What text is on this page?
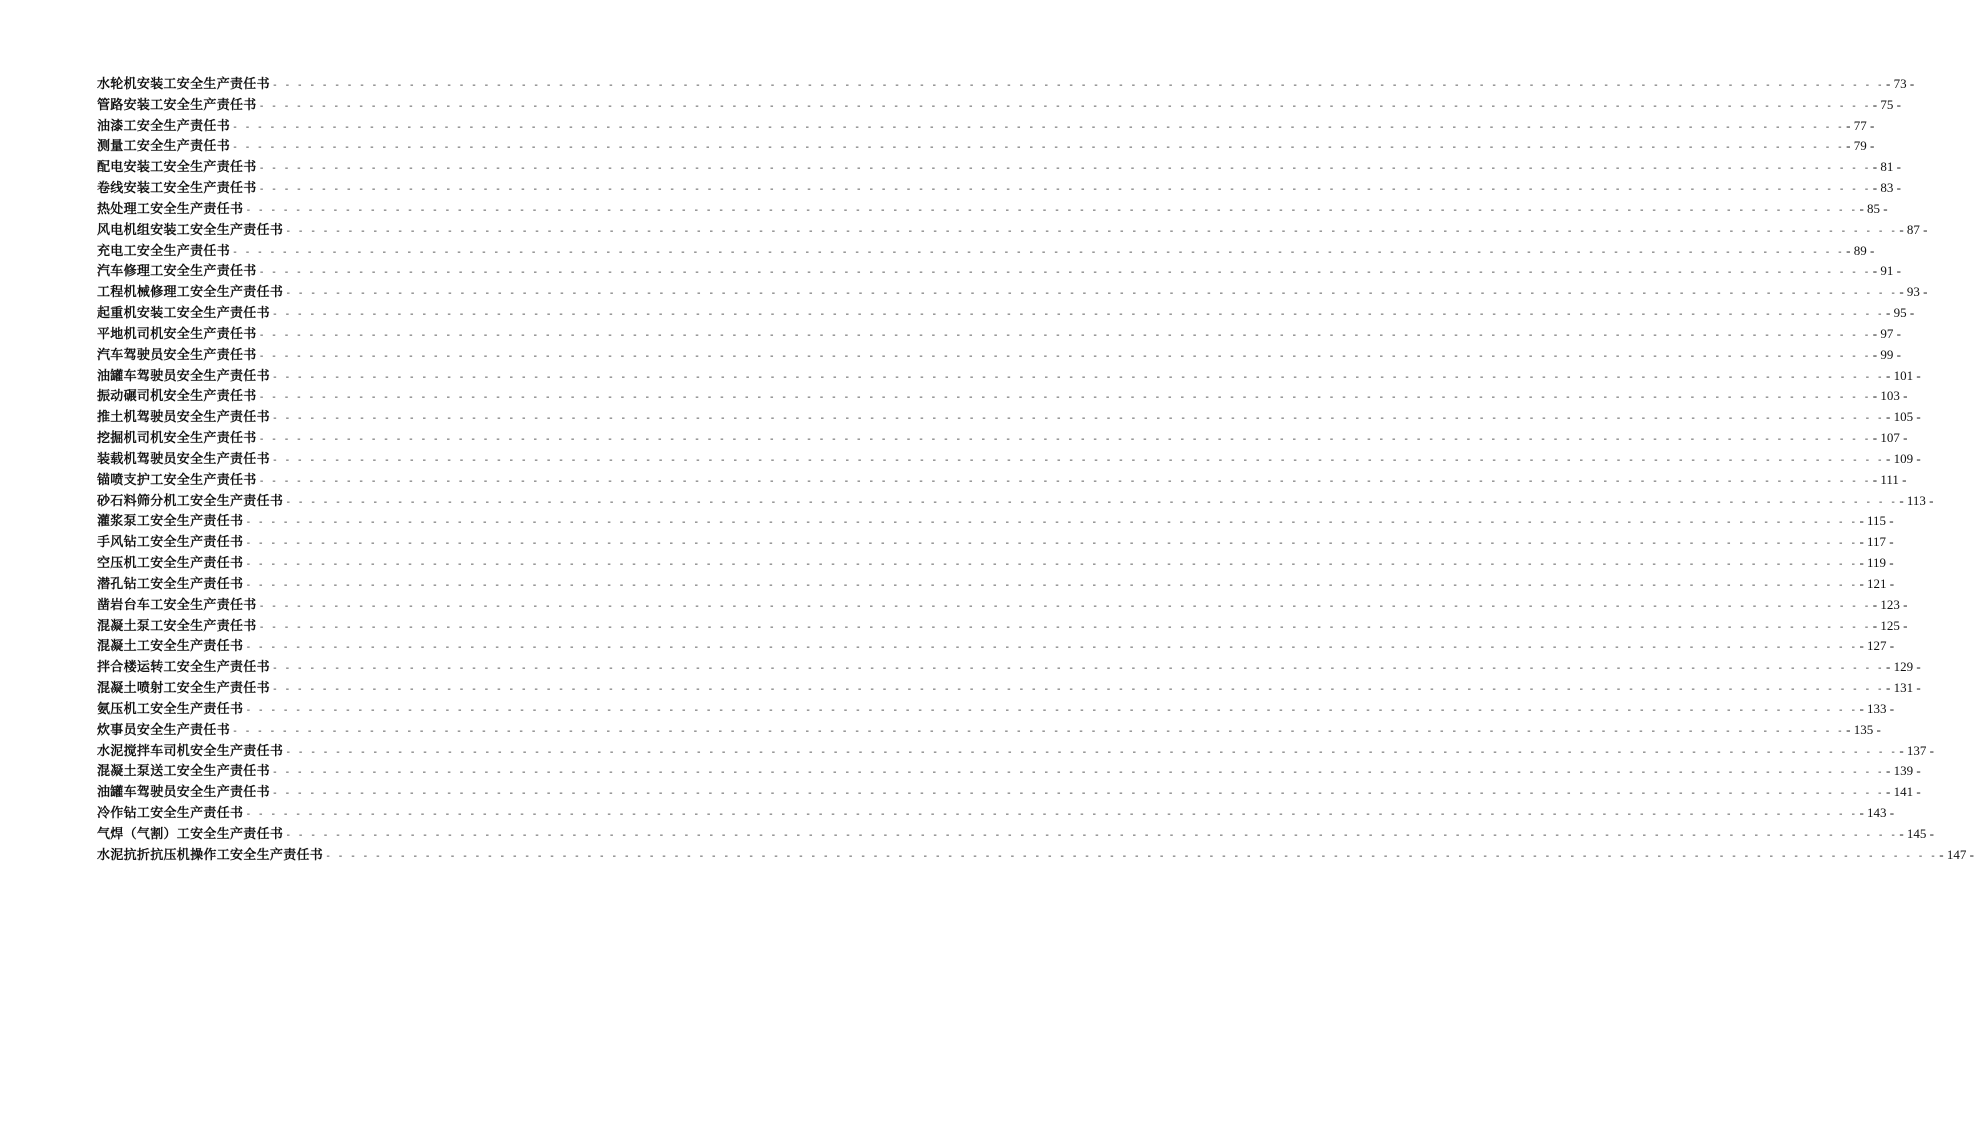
水轮机安装工安全生产责任书 - - - - - - - - - - - - - - - - - - - - - - - - - - - - - - - - - - - - - - - - - - - - - - - - - - - - - - - - - - - - - - - - - - - - - - - - - - - - - - - - - - - - - - - - - - - - - - - - - - - - - - - - - - - - - - - - - - - - - - - - - - - - - - - - - - - 73 -
管路安装工安全生产责任书 - - - - - - - - - - - - - - - - - - - - - - - - - - - - - - - - - - - - - - - - - - - - - - - - - - - - - - - - - - - - - - - - - - - - - - - - - - - - - - - - - - - - - - - - - - - - - - - - - - - - - - - - - - - - - - - - - - - - - - - - - - - - - - - - - - - 75 -
油漆工安全生产责任书 - - - - - - - - - - - - - - - - - - - - - - - - - - - - - - - - - - - - - - - - - - - - - - - - - - - - - - - - - - - - - - - - - - - - - - - - - - - - - - - - - - - - - - - - - - - - - - - - - - - - - - - - - - - - - - - - - - - - - - - - - - - - - - - - - - - 77 -
测量工安全生产责任书 - - - - - - - - - - - - - - - - - - - - - - - - - - - - - - - - - - - - - - - - - - - - - - - - - - - - - - - - - - - - - - - - - - - - - - - - - - - - - - - - - - - - - - - - - - - - - - - - - - - - - - - - - - - - - - - - - - - - - - - - - - - - - - - - - - - 79 -
配电安装工安全生产责任书 - - - - - - - - - - - - - - - - - - - - - - - - - - - - - - - - - - - - - - - - - - - - - - - - - - - - - - - - - - - - - - - - - - - - - - - - - - - - - - - - - - - - - - - - - - - - - - - - - - - - - - - - - - - - - - - - - - - - - - - - - - - - - - - - - - - 81 -
卷线安装工安全生产责任书 - - - - - - - - - - - - - - - - - - - - - - - - - - - - - - - - - - - - - - - - - - - - - - - - - - - - - - - - - - - - - - - - - - - - - - - - - - - - - - - - - - - - - - - - - - - - - - - - - - - - - - - - - - - - - - - - - - - - - - - - - - - - - - - - - - - 83 -
热处理工安全生产责任书 - - - - - - - - - - - - - - - - - - - - - - - - - - - - - - - - - - - - - - - - - - - - - - - - - - - - - - - - - - - - - - - - - - - - - - - - - - - - - - - - - - - - - - - - - - - - - - - - - - - - - - - - - - - - - - - - - - - - - - - - - - - - - - - - - - - 85 -
风电机组安装工安全生产责任书 - - - - - - - - - - - - - - - - - - - - - - - - - - - - - - - - - - - - - - - - - - - - - - - - - - - - - - - - - - - - - - - - - - - - - - - - - - - - - - - - - - - - - - - - - - - - - - - - - - - - - - - - - - - - - - - - - - - - - - - - - - - - - - - - - - - 87 -
充电工安全生产责任书 - - - - - - - - - - - - - - - - - - - - - - - - - - - - - - - - - - - - - - - - - - - - - - - - - - - - - - - - - - - - - - - - - - - - - - - - - - - - - - - - - - - - - - - - - - - - - - - - - - - - - - - - - - - - - - - - - - - - - - - - - - - - - - - - - - - 89 -
汽车修理工安全生产责任书 - - - - - - - - - - - - - - - - - - - - - - - - - - - - - - - - - - - - - - - - - - - - - - - - - - - - - - - - - - - - - - - - - - - - - - - - - - - - - - - - - - - - - - - - - - - - - - - - - - - - - - - - - - - - - - - - - - - - - - - - - - - - - - - - - - - 91 -
工程机械修理工安全生产责任书 - - - - - - - - - - - - - - - - - - - - - - - - - - - - - - - - - - - - - - - - - - - - - - - - - - - - - - - - - - - - - - - - - - - - - - - - - - - - - - - - - - - - - - - - - - - - - - - - - - - - - - - - - - - - - - - - - - - - - - - - - - - - - - - - - - - 93 -
起重机安装工安全生产责任书 - - - - - - - - - - - - - - - - - - - - - - - - - - - - - - - - - - - - - - - - - - - - - - - - - - - - - - - - - - - - - - - - - - - - - - - - - - - - - - - - - - - - - - - - - - - - - - - - - - - - - - - - - - - - - - - - - - - - - - - - - - - - - - - - - - - 95 -
平地机司机安全生产责任书 - - - - - - - - - - - - - - - - - - - - - - - - - - - - - - - - - - - - - - - - - - - - - - - - - - - - - - - - - - - - - - - - - - - - - - - - - - - - - - - - - - - - - - - - - - - - - - - - - - - - - - - - - - - - - - - - - - - - - - - - - - - - - - - - - - - 97 -
汽车驾驶员安全生产责任书 - - - - - - - - - - - - - - - - - - - - - - - - - - - - - - - - - - - - - - - - - - - - - - - - - - - - - - - - - - - - - - - - - - - - - - - - - - - - - - - - - - - - - - - - - - - - - - - - - - - - - - - - - - - - - - - - - - - - - - - - - - - - - - - - - - - 99 -
油罐车驾驶员安全生产责任书 - - - - - - - - - - - - - - - - - - - - - - - - - - - - - - - - - - - - - - - - - - - - - - - - - - - - - - - - - - - - - - - - - - - - - - - - - - - - - - - - - - - - - - - - - - - - - - - - - - - - - - - - - - - - - - - - - - - - - - - - - - - - - - - - - - - 101 -
振动碾司机安全生产责任书 - - - - - - - - - - - - - - - - - - - - - - - - - - - - - - - - - - - - - - - - - - - - - - - - - - - - - - - - - - - - - - - - - - - - - - - - - - - - - - - - - - - - - - - - - - - - - - - - - - - - - - - - - - - - - - - - - - - - - - - - - - - - - - - - - - - 103 -
推土机驾驶员安全生产责任书 - - - - - - - - - - - - - - - - - - - - - - - - - - - - - - - - - - - - - - - - - - - - - - - - - - - - - - - - - - - - - - - - - - - - - - - - - - - - - - - - - - - - - - - - - - - - - - - - - - - - - - - - - - - - - - - - - - - - - - - - - - - - - - - - - - - 105 -
挖掘机司机安全生产责任书 - - - - - - - - - - - - - - - - - - - - - - - - - - - - - - - - - - - - - - - - - - - - - - - - - - - - - - - - - - - - - - - - - - - - - - - - - - - - - - - - - - - - - - - - - - - - - - - - - - - - - - - - - - - - - - - - - - - - - - - - - - - - - - - - - - - 107 -
装载机驾驶员安全生产责任书 - - - - - - - - - - - - - - - - - - - - - - - - - - - - - - - - - - - - - - - - - - - - - - - - - - - - - - - - - - - - - - - - - - - - - - - - - - - - - - - - - - - - - - - - - - - - - - - - - - - - - - - - - - - - - - - - - - - - - - - - - - - - - - - - - - - 109 -
锚喷支护工安全生产责任书 - - - - - - - - - - - - - - - - - - - - - - - - - - - - - - - - - - - - - - - - - - - - - - - - - - - - - - - - - - - - - - - - - - - - - - - - - - - - - - - - - - - - - - - - - - - - - - - - - - - - - - - - - - - - - - - - - - - - - - - - - - - - - - - - - - - 111 -
砂石料筛分机工安全生产责任书 - - - - - - - - - - - - - - - - - - - - - - - - - - - - - - - - - - - - - - - - - - - - - - - - - - - - - - - - - - - - - - - - - - - - - - - - - - - - - - - - - - - - - - - - - - - - - - - - - - - - - - - - - - - - - - - - - - - - - - - - - - - - - - - - - - - 113 -
灌浆泵工安全生产责任书 - - - - - - - - - - - - - - - - - - - - - - - - - - - - - - - - - - - - - - - - - - - - - - - - - - - - - - - - - - - - - - - - - - - - - - - - - - - - - - - - - - - - - - - - - - - - - - - - - - - - - - - - - - - - - - - - - - - - - - - - - - - - - - - - - - - 115 -
手风钻工安全生产责任书 - - - - - - - - - - - - - - - - - - - - - - - - - - - - - - - - - - - - - - - - - - - - - - - - - - - - - - - - - - - - - - - - - - - - - - - - - - - - - - - - - - - - - - - - - - - - - - - - - - - - - - - - - - - - - - - - - - - - - - - - - - - - - - - - - - - 117 -
空压机工安全生产责任书 - - - - - - - - - - - - - - - - - - - - - - - - - - - - - - - - - - - - - - - - - - - - - - - - - - - - - - - - - - - - - - - - - - - - - - - - - - - - - - - - - - - - - - - - - - - - - - - - - - - - - - - - - - - - - - - - - - - - - - - - - - - - - - - - - - - 119 -
潜孔钻工安全生产责任书 - - - - - - - - - - - - - - - - - - - - - - - - - - - - - - - - - - - - - - - - - - - - - - - - - - - - - - - - - - - - - - - - - - - - - - - - - - - - - - - - - - - - - - - - - - - - - - - - - - - - - - - - - - - - - - - - - - - - - - - - - - - - - - - - - - - 121 -
凿岩台车工安全生产责任书 - - - - - - - - - - - - - - - - - - - - - - - - - - - - - - - - - - - - - - - - - - - - - - - - - - - - - - - - - - - - - - - - - - - - - - - - - - - - - - - - - - - - - - - - - - - - - - - - - - - - - - - - - - - - - - - - - - - - - - - - - - - - - - - - - - - 123 -
混凝土泵工安全生产责任书 - - - - - - - - - - - - - - - - - - - - - - - - - - - - - - - - - - - - - - - - - - - - - - - - - - - - - - - - - - - - - - - - - - - - - - - - - - - - - - - - - - - - - - - - - - - - - - - - - - - - - - - - - - - - - - - - - - - - - - - - - - - - - - - - - - - 125 -
混凝土工安全生产责任书 - - - - - - - - - - - - - - - - - - - - - - - - - - - - - - - - - - - - - - - - - - - - - - - - - - - - - - - - - - - - - - - - - - - - - - - - - - - - - - - - - - - - - - - - - - - - - - - - - - - - - - - - - - - - - - - - - - - - - - - - - - - - - - - - - - - 127 -
拌合楼运转工安全生产责任书 - - - - - - - - - - - - - - - - - - - - - - - - - - - - - - - - - - - - - - - - - - - - - - - - - - - - - - - - - - - - - - - - - - - - - - - - - - - - - - - - - - - - - - - - - - - - - - - - - - - - - - - - - - - - - - - - - - - - - - - - - - - - - - - - - - - 129 -
混凝土喷射工安全生产责任书 - - - - - - - - - - - - - - - - - - - - - - - - - - - - - - - - - - - - - - - - - - - - - - - - - - - - - - - - - - - - - - - - - - - - - - - - - - - - - - - - - - - - - - - - - - - - - - - - - - - - - - - - - - - - - - - - - - - - - - - - - - - - - - - - - - - 131 -
氨压机工安全生产责任书 - - - - - - - - - - - - - - - - - - - - - - - - - - - - - - - - - - - - - - - - - - - - - - - - - - - - - - - - - - - - - - - - - - - - - - - - - - - - - - - - - - - - - - - - - - - - - - - - - - - - - - - - - - - - - - - - - - - - - - - - - - - - - - - - - - - 133 -
炊事员安全生产责任书 - - - - - - - - - - - - - - - - - - - - - - - - - - - - - - - - - - - - - - - - - - - - - - - - - - - - - - - - - - - - - - - - - - - - - - - - - - - - - - - - - - - - - - - - - - - - - - - - - - - - - - - - - - - - - - - - - - - - - - - - - - - - - - - - - - - 135 -
水泥搅拌车司机安全生产责任书 - - - - - - - - - - - - - - - - - - - - - - - - - - - - - - - - - - - - - - - - - - - - - - - - - - - - - - - - - - - - - - - - - - - - - - - - - - - - - - - - - - - - - - - - - - - - - - - - - - - - - - - - - - - - - - - - - - - - - - - - - - - - - - - - - - - 137 -
混凝土泵送工安全生产责任书 - - - - - - - - - - - - - - - - - - - - - - - - - - - - - - - - - - - - - - - - - - - - - - - - - - - - - - - - - - - - - - - - - - - - - - - - - - - - - - - - - - - - - - - - - - - - - - - - - - - - - - - - - - - - - - - - - - - - - - - - - - - - - - - - - - - 139 -
油罐车驾驶员安全生产责任书 - - - - - - - - - - - - - - - - - - - - - - - - - - - - - - - - - - - - - - - - - - - - - - - - - - - - - - - - - - - - - - - - - - - - - - - - - - - - - - - - - - - - - - - - - - - - - - - - - - - - - - - - - - - - - - - - - - - - - - - - - - - - - - - - - - - 141 -
冷作钻工安全生产责任书 - - - - - - - - - - - - - - - - - - - - - - - - - - - - - - - - - - - - - - - - - - - - - - - - - - - - - - - - - - - - - - - - - - - - - - - - - - - - - - - - - - - - - - - - - - - - - - - - - - - - - - - - - - - - - - - - - - - - - - - - - - - - - - - - - - - 143 -
气焊（气割）工安全生产责任书 - - - - - - - - - - - - - - - - - - - - - - - - - - - - - - - - - - - - - - - - - - - - - - - - - - - - - - - - - - - - - - - - - - - - - - - - - - - - - - - - - - - - - - - - - - - - - - - - - - - - - - - - - - - - - - - - - - - - - - - - - - - - - - - - - - - 145 -
水泥抗折抗压机操作工安全生产责任书 - - - - - - - - - - - - - - - - - - - - - - - - - - - - - - - - - - - - - - - - - - - - - - - - - - - - - - - - - - - - - - - - - - - - - - - - - - - - - - - - - - - - - - - - - - - - - - - - - - - - - - - - - - - - - - - - - - - - - - - - - - - - - - - - - - - 147 -
